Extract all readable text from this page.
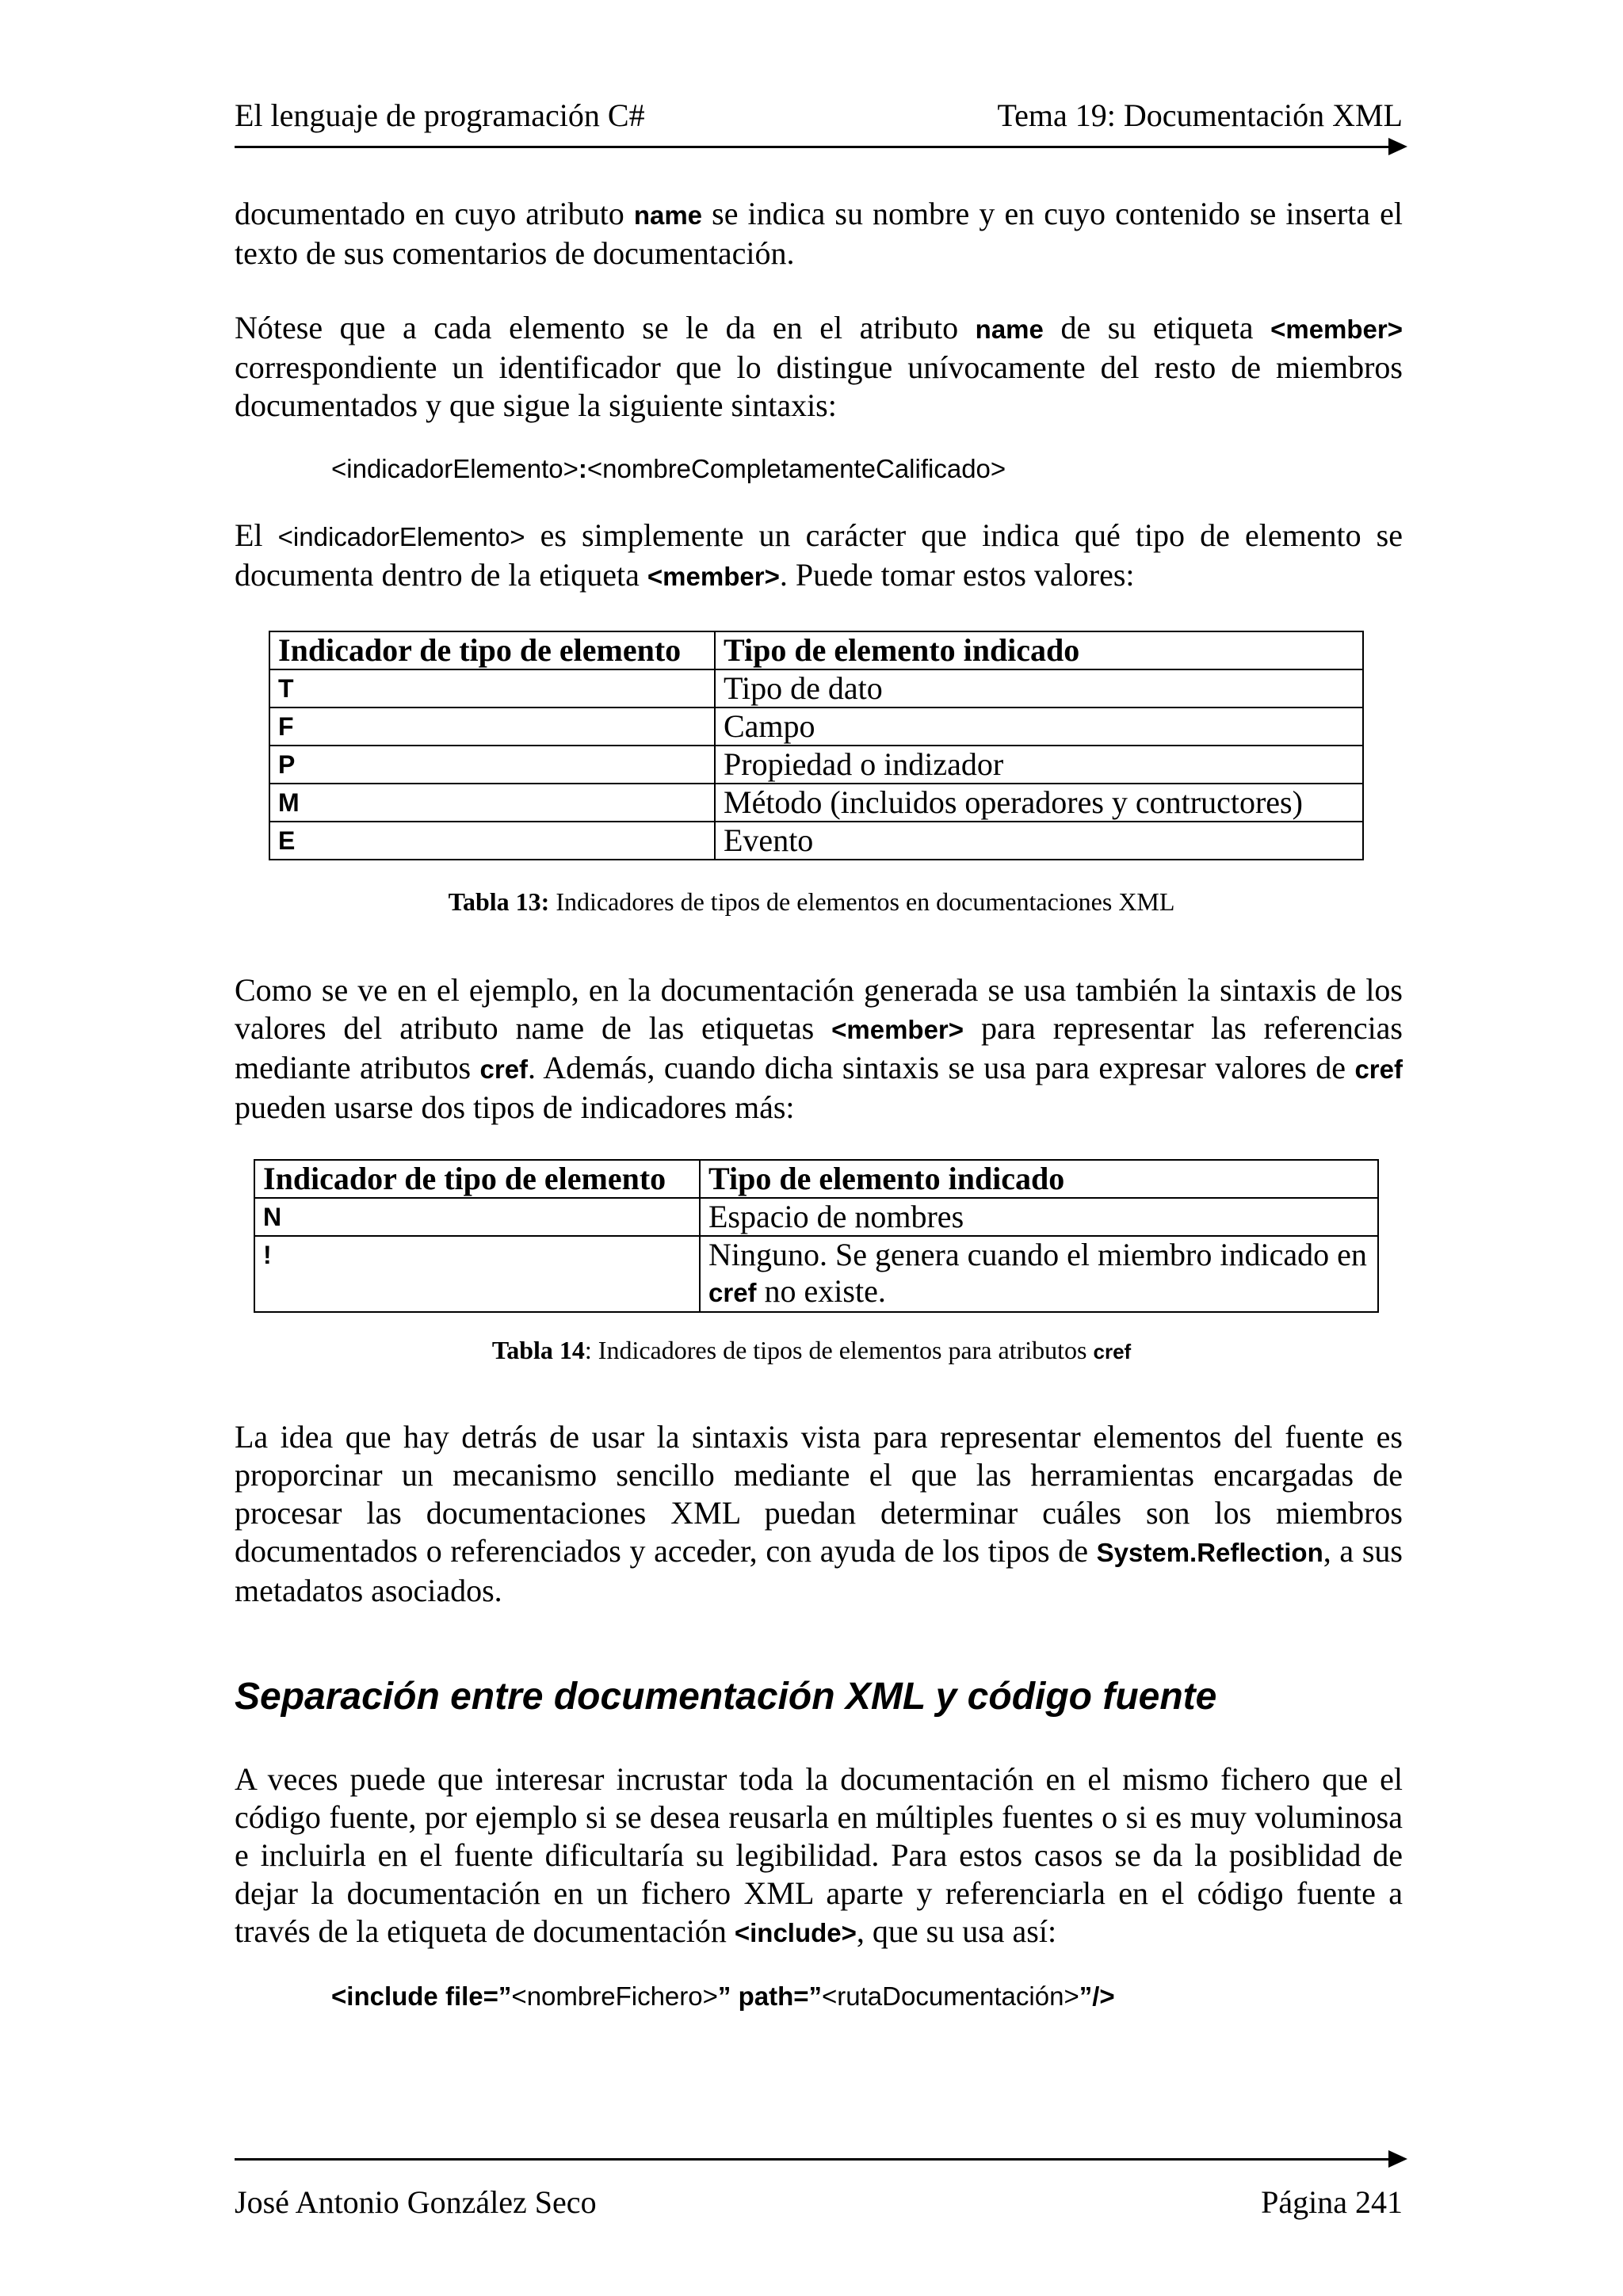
El lenguaje de programación C#	Tema 19: Documentación XML
documentado en cuyo atributo name se indica su nombre y en cuyo contenido se inserta el texto de sus comentarios de documentación.
Nótese que a cada elemento se le da en el atributo name de su etiqueta <member> correspondiente un identificador que lo distingue unívocamente del resto de miembros documentados y que sigue la siguiente sintaxis:
<indicadorElemento>:<nombreCompletamenteCalificado>
El <indicadorElemento> es simplemente un carácter que indica qué tipo de elemento se documenta dentro de la etiqueta <member>. Puede tomar estos valores:
Indicador de tipo de elemento	Tipo de elemento indicado
T	Tipo de dato
F	Campo
P	Propiedad o indizador
M	Método (incluidos operadores y contructores)
E	Evento
Tabla 13: Indicadores de tipos de elementos en documentaciones XML
Como se ve en el ejemplo, en la documentación generada se usa también la sintaxis de los valores del atributo name de las etiquetas <member> para representar las referencias mediante atributos cref. Además, cuando dicha sintaxis se usa para expresar valores de cref pueden usarse dos tipos de indicadores más:
Indicador de tipo de elemento	Tipo de elemento indicado
N	Espacio de nombres
!	Ninguno. Se genera cuando el miembro indicado en cref no existe.
Tabla 14: Indicadores de tipos de elementos para atributos cref
La idea que hay detrás de usar la sintaxis vista para representar elementos del fuente es proporcinar un mecanismo sencillo mediante el que las herramientas encargadas de procesar las documentaciones XML puedan determinar cuáles son los miembros documentados o referenciados y acceder, con ayuda de los tipos de System.Reflection, a sus metadatos asociados.
Separación entre documentación XML y código fuente
A veces puede que interesar incrustar toda la documentación en el mismo fichero que el código fuente, por ejemplo si se desea reusarla en múltiples fuentes o si es muy voluminosa e incluirla en el fuente dificultaría su legibilidad. Para estos casos se da la posiblidad de dejar la documentación en un fichero XML aparte y referenciarla en el código fuente a través de la etiqueta de documentación <include>, que su usa así:
<include file=”<nombreFichero>” path=”<rutaDocumentación>”/>
José Antonio González Seco	Página 241
